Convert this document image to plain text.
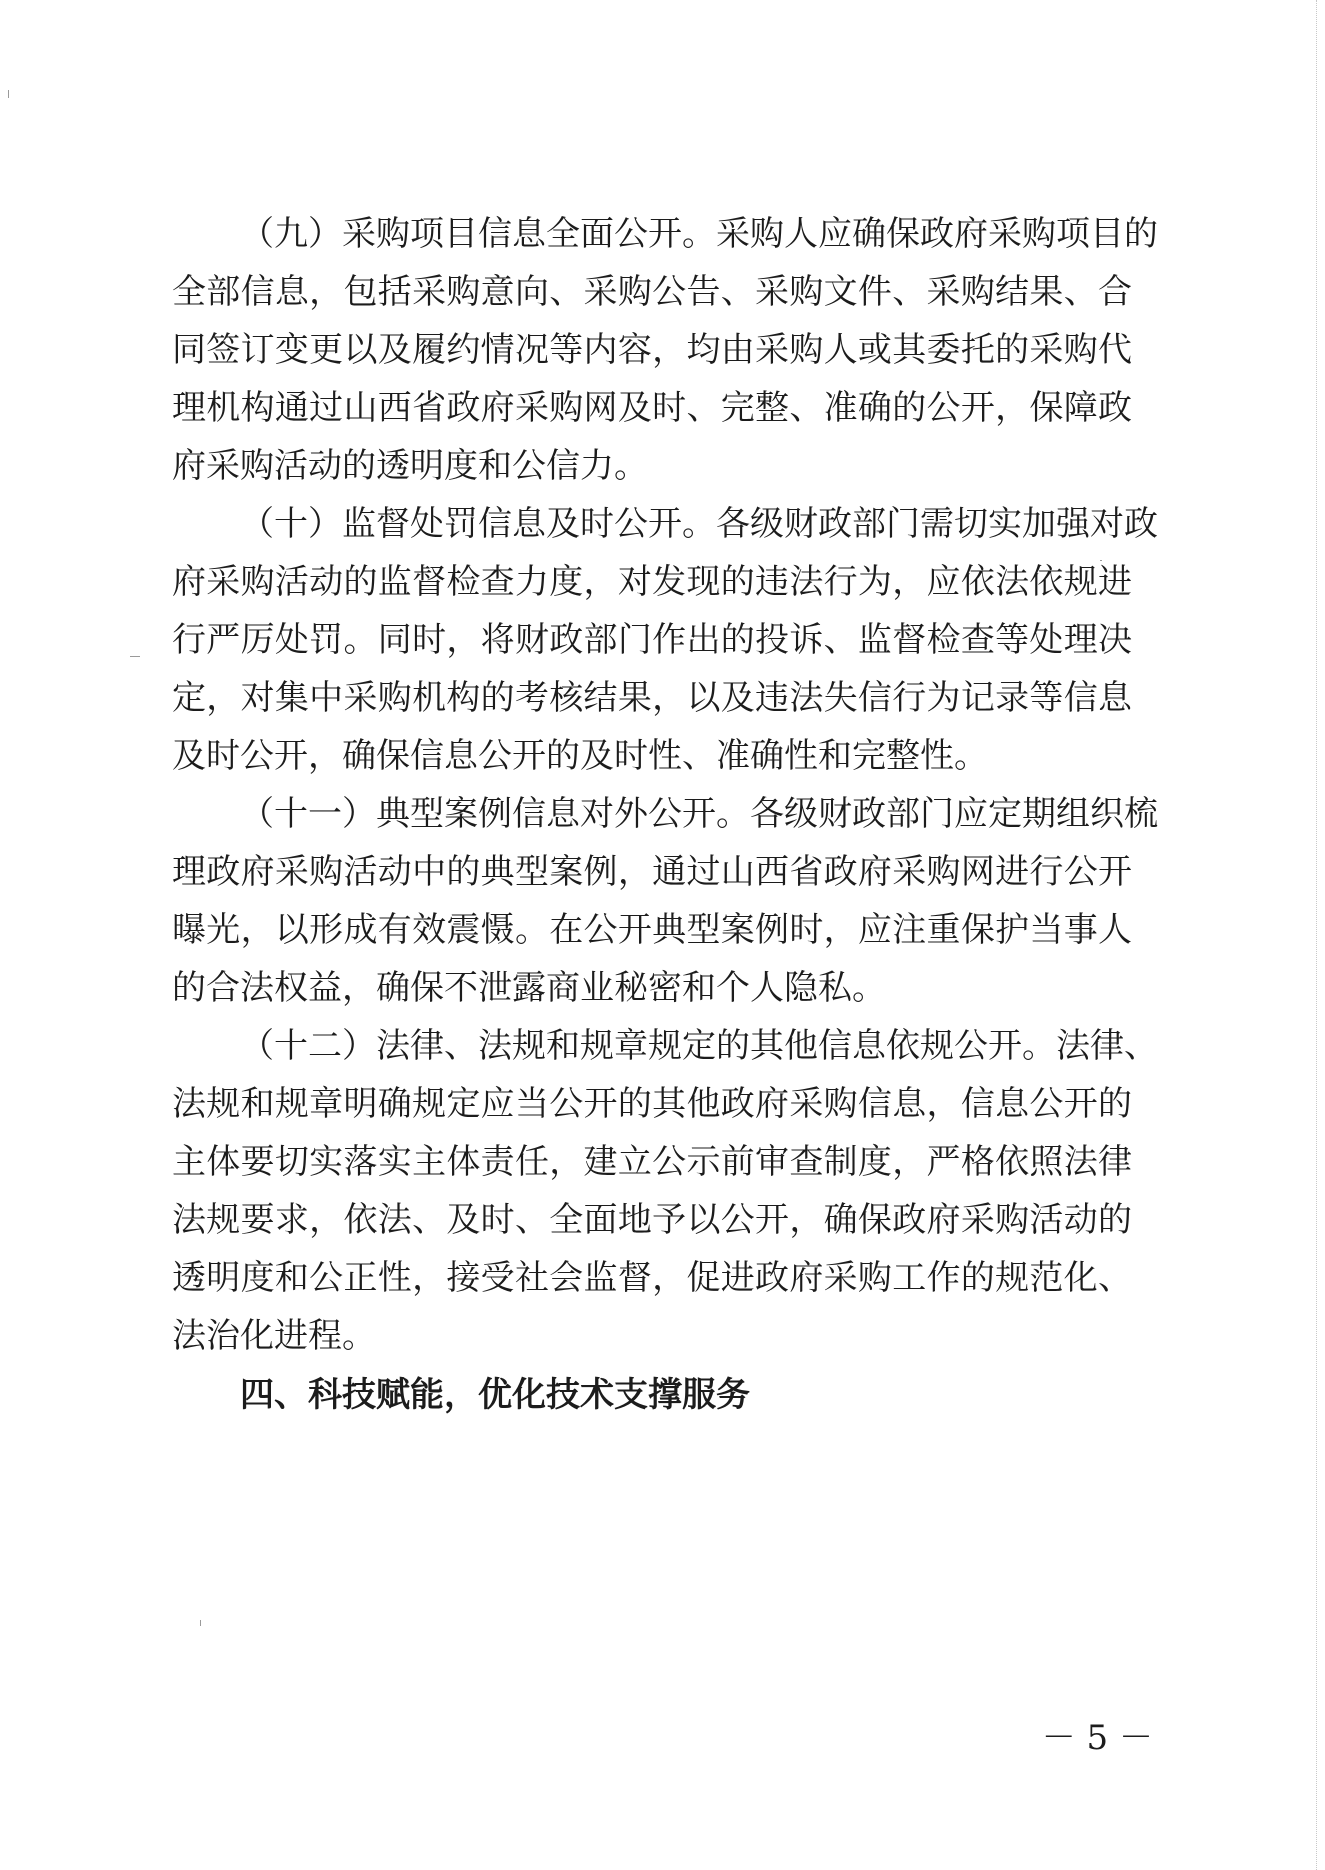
（九）采购项目信息全面公开。采购人应确保政府采购项目的
全部信息，包括采购意向、采购公告、采购文件、采购结果、合
同签订变更以及履约情况等内容，均由采购人或其委托的采购代
理机构通过山西省政府采购网及时、完整、准确的公开，保障政
府采购活动的透明度和公信力。
（十）监督处罚信息及时公开。各级财政部门需切实加强对政
府采购活动的监督检查力度，对发现的违法行为，应依法依规进
行严厉处罚。同时，将财政部门作出的投诉、监督检查等处理决
定，对集中采购机构的考核结果，以及违法失信行为记录等信息
及时公开，确保信息公开的及时性、准确性和完整性。
（十一）典型案例信息对外公开。各级财政部门应定期组织梳
理政府采购活动中的典型案例，通过山西省政府采购网进行公开
曝光，以形成有效震慑。在公开典型案例时，应注重保护当事人
的合法权益，确保不泄露商业秘密和个人隐私。
（十二）法律、法规和规章规定的其他信息依规公开。法律、
法规和规章明确规定应当公开的其他政府采购信息，信息公开的
主体要切实落实主体责任，建立公示前审查制度，严格依照法律
法规要求，依法、及时、全面地予以公开，确保政府采购活动的
透明度和公正性，接受社会监督，促进政府采购工作的规范化、
法治化进程。
四、科技赋能，优化技术支撑服务
－ 5 －
